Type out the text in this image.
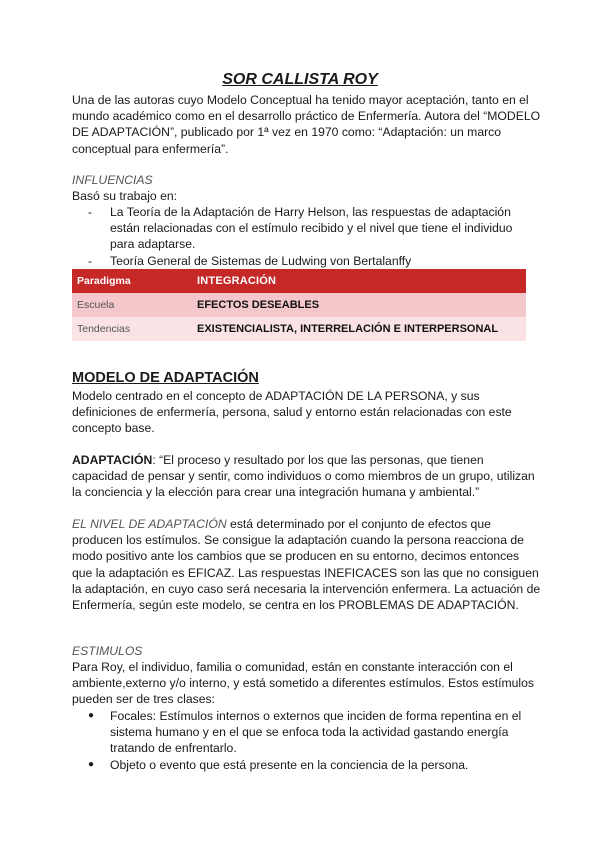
SOR CALLISTA ROY

Una de las autoras cuyo Modelo Conceptual ha tenido mayor aceptación, tanto en el mundo académico como en el desarrollo práctico de Enfermería. Autora del “MODELO DE ADAPTACIÓN”, publicado por 1ª vez en 1970 como: “Adaptación: un marco conceptual para enfermería”.

INFLUENCIAS

Basó su trabajo en:

- La Teoría de la Adaptación de Harry Helson, las respuestas de adaptación están relacionadas con el estímulo recibido y el nivel que tiene el individuo para adaptarse.
- Teoría General de Sistemas de Ludwing von Bertalanffy
Paradigma	INTEGRACIÓN
Escuela	EFECTOS DESEABLES
Tendencias	EXISTENCIALISTA, INTERRELACIÓN E INTERPERSONAL

MODELO DE ADAPTACIÓN

Modelo centrado en el concepto de ADAPTACIÓN DE LA PERSONA, y sus definiciones de enfermería, persona, salud y entorno están relacionadas con este concepto base.

ADAPTACIÓN: “El proceso y resultado por los que las personas, que tienen capacidad de pensar y sentir, como individuos o como miembros de un grupo, utilizan la conciencia y la elección para crear una integración humana y ambiental.”

EL NIVEL DE ADAPTACIÓN está determinado por el conjunto de efectos que producen los estímulos. Se consigue la adaptación cuando la persona reacciona de modo positivo ante los cambios que se producen en su entorno, decimos entonces que la adaptación es EFICAZ. Las respuestas INEFICACES son las que no consiguen la adaptación, en cuyo caso será necesaria la intervención enfermera. La actuación de Enfermería, según este modelo, se centra en los PROBLEMAS DE ADAPTACIÓN.

ESTIMULOS

Para Roy, el individuo, familia o comunidad, están en constante interacción con el ambiente,externo y/o interno, y está sometido a diferentes estímulos. Estos estímulos pueden ser de tres clases:

● Focales: Estímulos internos o externos que inciden de forma repentina en el sistema humano y en el que se enfoca toda la actividad gastando energía tratando de enfrentarlo.
● Objeto o evento que está presente en la conciencia de la persona.
